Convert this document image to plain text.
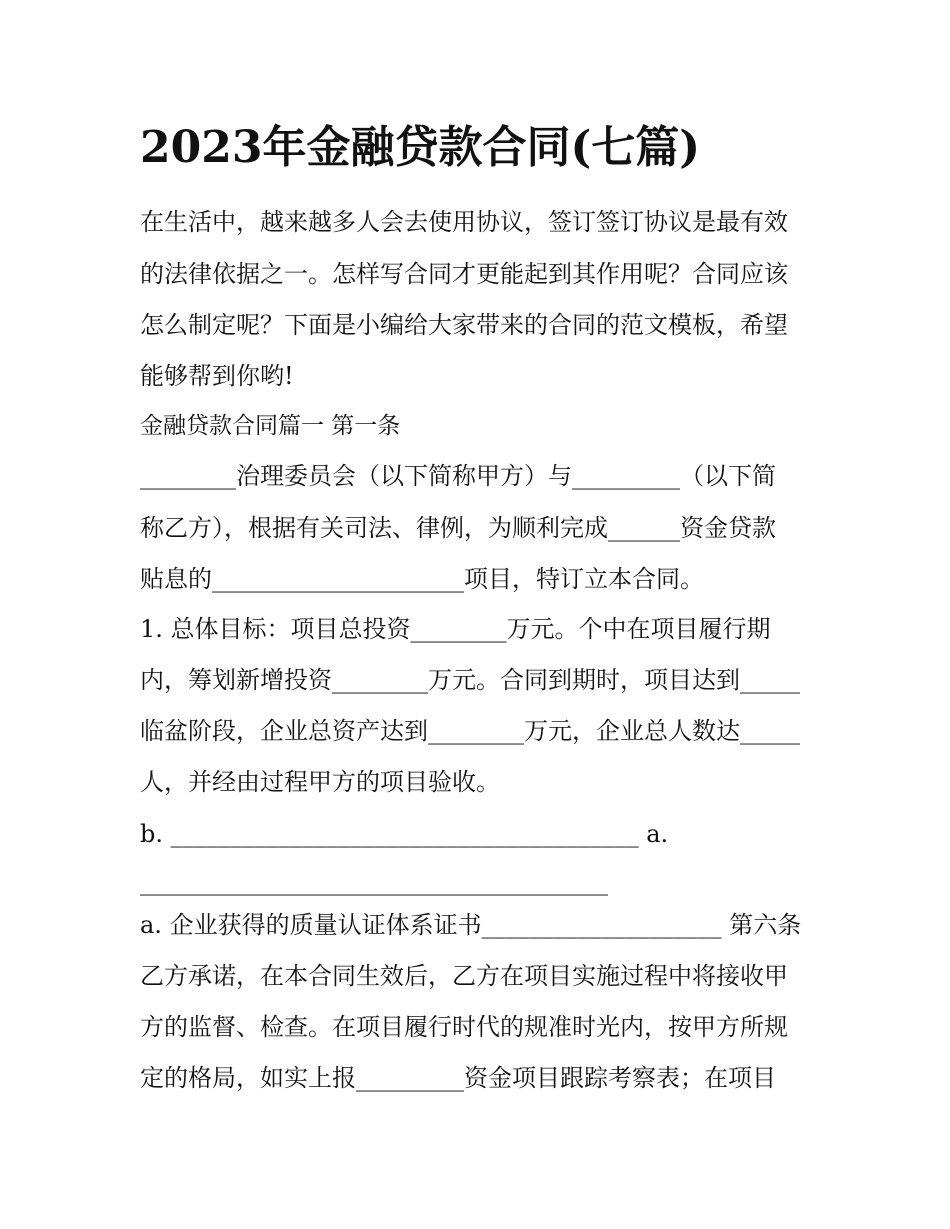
2023年金融贷款合同(七篇)
在生活中，越来越多人会去使用协议，签订签订协议是最有效
的法律依据之一。怎样写合同才更能起到其作用呢？合同应该
怎么制定呢？下面是小编给大家带来的合同的范文模板，希望
能够帮到你哟!
金融贷款合同篇一 第一条
________治理委员会（以下简称甲方）与_________（以下简
称乙方），根据有关司法、律例，为顺利完成______资金贷款
贴息的_____________________项目，特订立本合同。
1. 总体目标：项目总投资________万元。个中在项目履行期
内，筹划新增投资________万元。合同到期时，项目达到_____
临盆阶段，企业总资产达到________万元，企业总人数达_____
人，并经由过程甲方的项目验收。
b. _______________________________________ a.
_______________________________________
a. 企业获得的质量认证体系证书____________________ 第六条
乙方承诺，在本合同生效后，乙方在项目实施过程中将接收甲
方的监督、检查。在项目履行时代的规准时光内，按甲方所规
定的格局，如实上报_________资金项目跟踪考察表；在项目
